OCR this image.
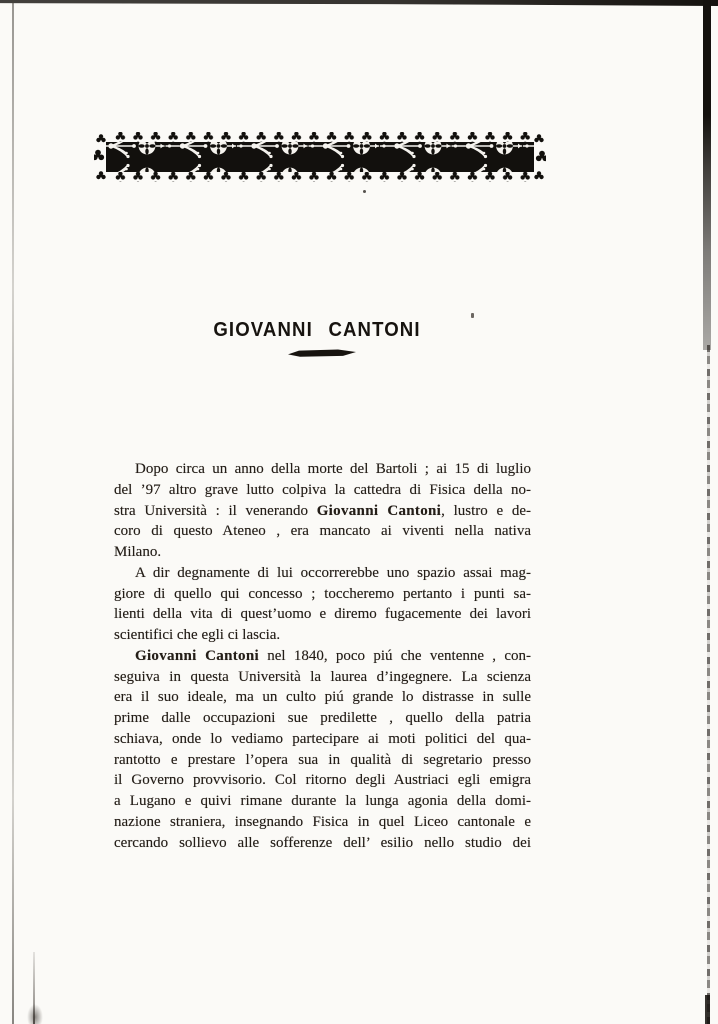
GIOVANNI CANTONI
Dopo circa un anno della morte del Bartoli ; ai 15 di luglio
del ’97 altro grave lutto colpiva la cattedra di Fisica della no-
stra Università : il venerando Giovanni Cantoni, lustro e de-
coro di questo Ateneo , era mancato ai viventi nella nativa
Milano.
A dir degnamente di lui occorrerebbe uno spazio assai mag-
giore di quello qui concesso ; toccheremo pertanto i punti sa-
lienti della vita di quest’uomo e diremo fugacemente dei lavori
scientifici che egli ci lascia.
Giovanni Cantoni nel 1840, poco piú che ventenne , con-
seguiva in questa Università la laurea d’ingegnere. La scienza
era il suo ideale, ma un culto piú grande lo distrasse in sulle
prime dalle occupazioni sue predilette , quello della patria
schiava, onde lo vediamo partecipare ai moti politici del qua-
rantotto e prestare l’opera sua in qualità di segretario presso
il Governo provvisorio. Col ritorno degli Austriaci egli emigra
a Lugano e quivi rimane durante la lunga agonia della domi-
nazione straniera, insegnando Fisica in quel Liceo cantonale e
cercando sollievo alle sofferenze dell’ esilio nello studio dei
